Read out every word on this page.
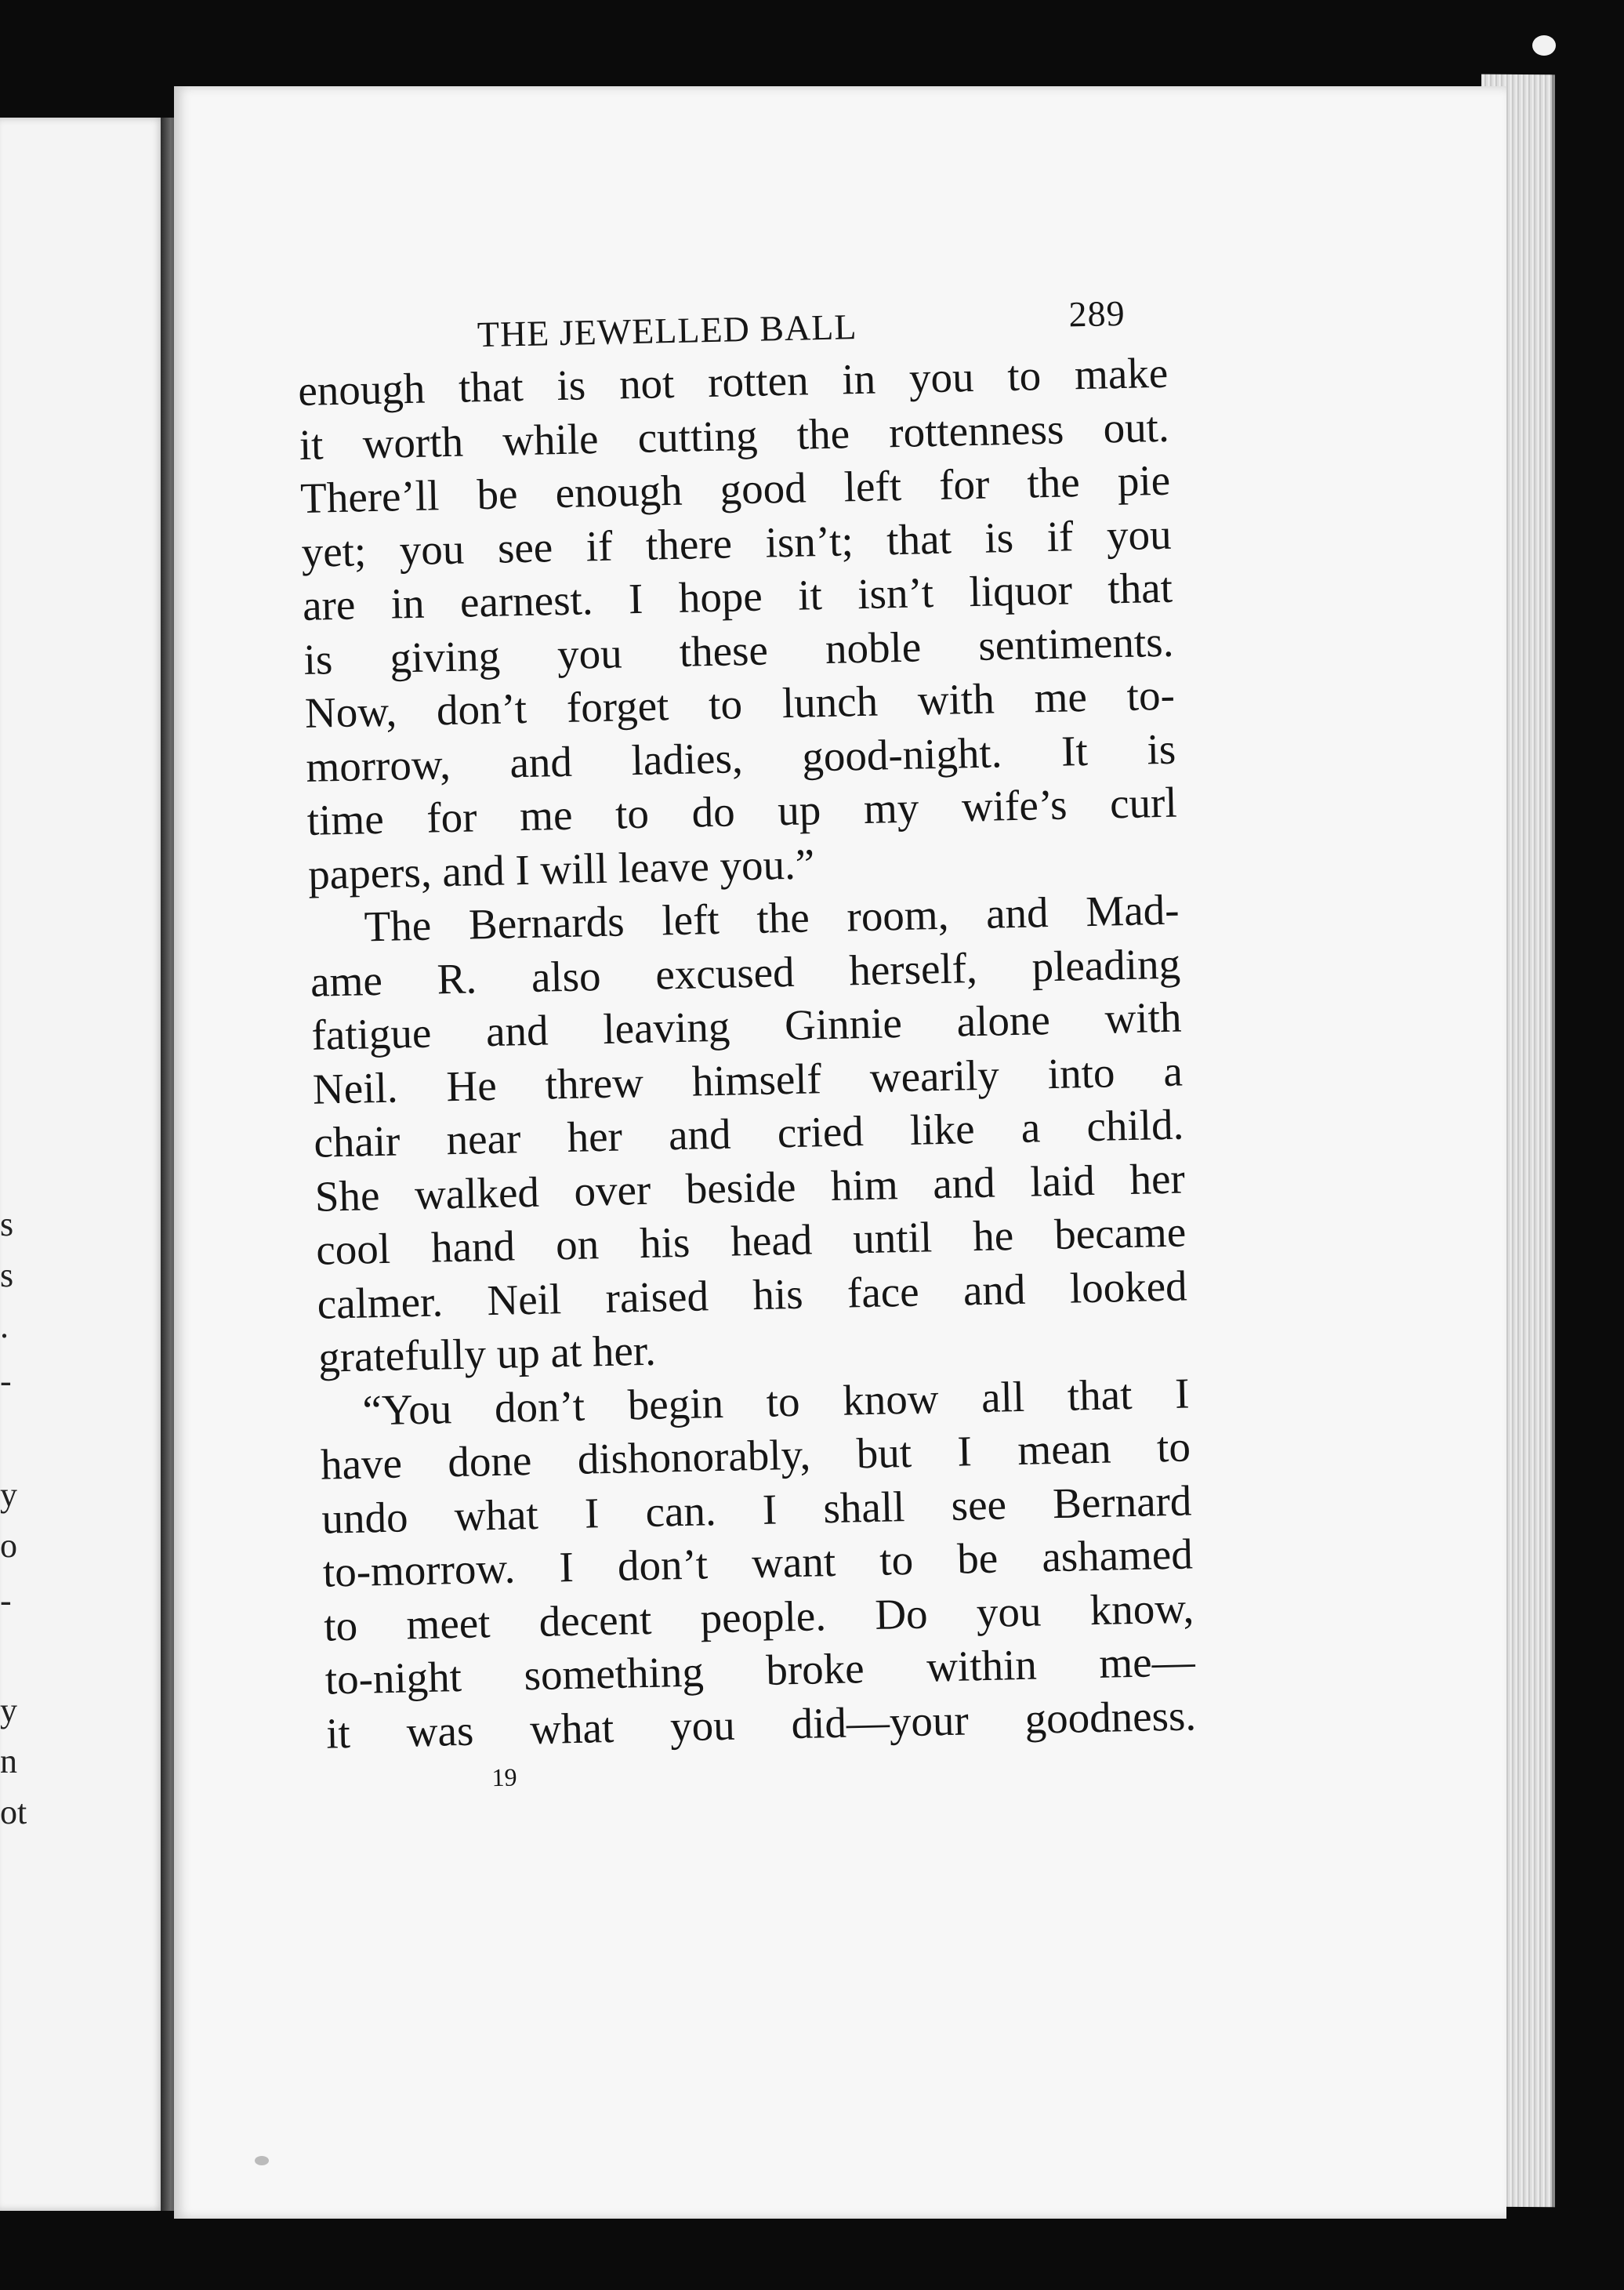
s
s
.
-
y
o
-
y
n
ot
THE JEWELLED BALL	289
enough that is not rotten in you to make
it worth while cutting the rottenness out.
There’ll be enough good left for the pie
yet; you see if there isn’t; that is if you
are in earnest. I hope it isn’t liquor that
is giving you these noble sentiments.
Now, don’t forget to lunch with me to-
morrow, and ladies, good-night. It is
time for me to do up my wife’s curl
papers, and I will leave you.”
The Bernards left the room, and Mad-
ame R. also excused herself, pleading
fatigue and leaving Ginnie alone with
Neil. He threw himself wearily into a
chair near her and cried like a child.
She walked over beside him and laid her
cool hand on his head until he became
calmer. Neil raised his face and looked
gratefully up at her.
“You don’t begin to know all that I
have done dishonorably, but I mean to
undo what I can. I shall see Bernard
to-morrow. I don’t want to be ashamed
to meet decent people. Do you know,
to-night something broke within me—
it was what you did—your goodness.
19
